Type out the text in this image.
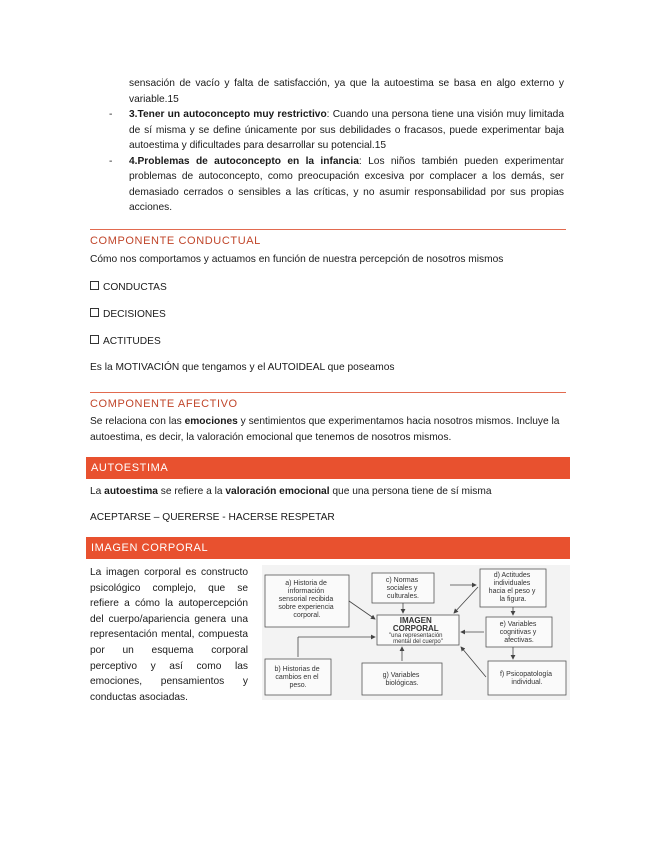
sensación de vacío y falta de satisfacción, ya que la autoestima se basa en algo externo y variable.15
- 3.Tener un autoconcepto muy restrictivo: Cuando una persona tiene una visión muy limitada de sí misma y se define únicamente por sus debilidades o fracasos, puede experimentar baja autoestima y dificultades para desarrollar su potencial.15
- 4.Problemas de autoconcepto en la infancia: Los niños también pueden experimentar problemas de autoconcepto, como preocupación excesiva por complacer a los demás, ser demasiado cerrados o sensibles a las críticas, y no asumir responsabilidad por sus propias acciones.
COMPONENTE CONDUCTUAL
Cómo nos comportamos y actuamos en función de nuestra percepción de nosotros mismos
CONDUCTAS
DECISIONES
ACTITUDES
Es la MOTIVACIÓN que tengamos y el AUTOIDEAL que poseamos
COMPONENTE AFECTIVO
Se relaciona con las emociones y sentimientos que experimentamos hacia nosotros mismos. Incluye la autoestima, es decir, la valoración emocional que tenemos de nosotros mismos.
AUTOESTIMA
La autoestima se refiere a la valoración emocional que una persona tiene de sí misma
ACEPTARSE – QUERERSE - HACERSE RESPETAR
IMAGEN CORPORAL
La imagen corporal es constructo psicológico complejo, que se refiere a cómo la autopercepción del cuerpo/apariencia genera una representación mental, compuesta por un esquema corporal perceptivo y así como las emociones, pensamientos y conductas asociadas.
a) Historia de información sensorial recibida sobre experiencia corporal.
c) Normas sociales y culturales.
d) Actitudes individuales hacia el peso y la figura.
IMAGEN CORPORAL "una representación mental del cuerpo"
e) Variables cognitivas y afectivas.
b) Historias de cambios en el peso.
g) Variables biológicas.
f) Psicopatología individual.
